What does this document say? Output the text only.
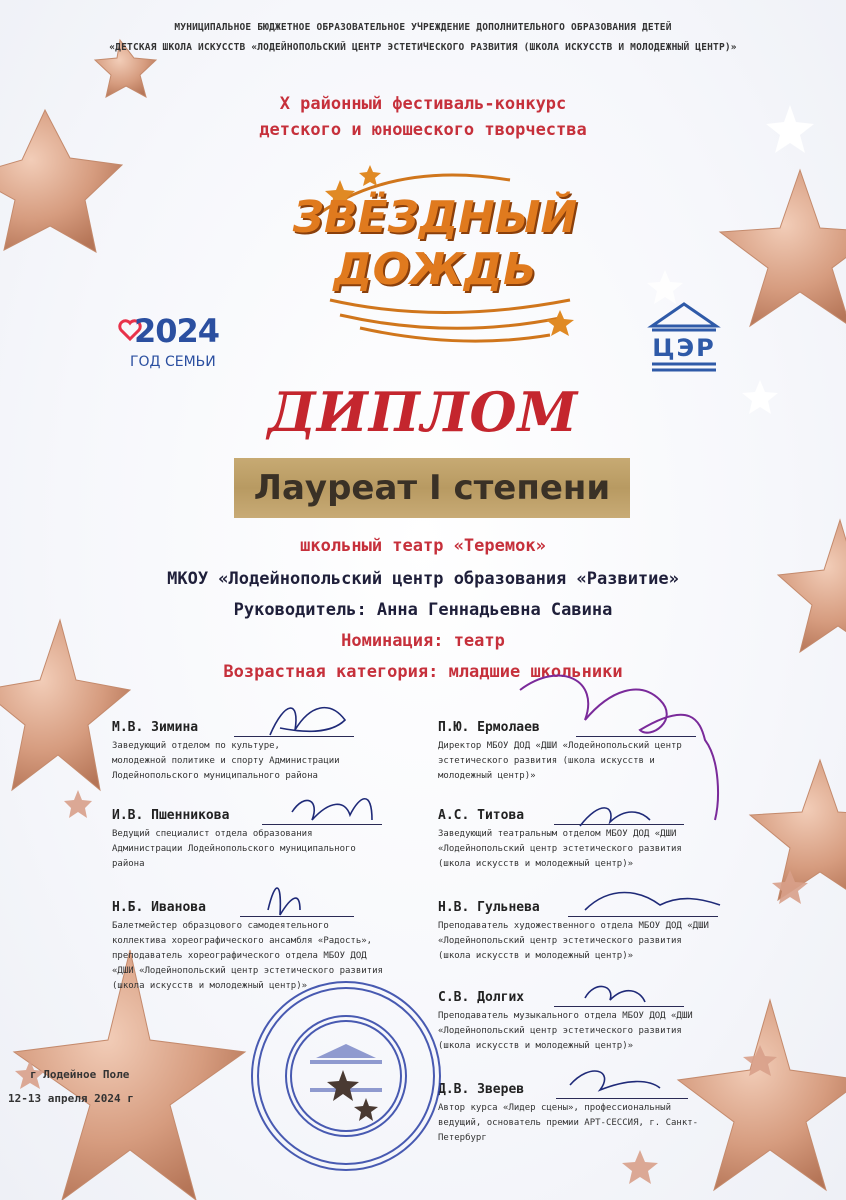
МУНИЦИПАЛЬНОЕ БЮДЖЕТНОЕ ОБРАЗОВАТЕЛЬНОЕ УЧРЕЖДЕНИЕ ДОПОЛНИТЕЛЬНОГО ОБРАЗОВАНИЯ ДЕТЕЙ
«ДЕТСКАЯ ШКОЛА ИСКУССТВ «ЛОДЕЙНОПОЛЬСКИЙ ЦЕНТР ЭСТЕТИЧЕСКОГО РАЗВИТИЯ (ШКОЛА ИСКУССТВ И МОЛОДЕЖНЫЙ ЦЕНТР)»
X районный фестиваль-конкурс
детского и юношеского творчества
ЗВЁЗДНЫЙ
ДОЖДЬ
2024
ГОД СЕМЬИ	ЦЭР
ДИПЛОМ
Лауреат I степени
школьный театр «Теремок»
МКОУ «Лодейнопольский центр образования «Развитие»
Руководитель: Анна Геннадьевна Савина
Номинация: театр
Возрастная категория: младшие школьники
М.В. Зимина
Заведующий отделом по культуре,
молодежной политике и спорту Администрации
Лодейнопольского муниципального района
И.В. Пшенникова
Ведущий специалист отдела образования
Администрации Лодейнопольского муниципального
района
Н.Б. Иванова
Балетмейстер образцового самодеятельного
коллектива хореографического ансамбля «Радость»,
преподаватель хореографического отдела МБОУ ДОД
«ДШИ «Лодейнопольский центр эстетического развития
(школа искусств и молодежный центр)»
П.Ю. Ермолаев
Директор МБОУ ДОД «ДШИ «Лодейнопольский центр
эстетического развития (школа искусств и
молодежный центр)»
А.С. Титова
Заведующий театральным отделом МБОУ ДОД «ДШИ
«Лодейнопольский центр эстетического развития
(школа искусств и молодежный центр)»
Н.В. Гульнева
Преподаватель художественного отдела МБОУ ДОД «ДШИ
«Лодейнопольский центр эстетического развития
(школа искусств и молодежный центр)»
С.В. Долгих
Преподаватель музыкального отдела МБОУ ДОД «ДШИ
«Лодейнопольский центр эстетического развития
(школа искусств и молодежный центр)»
Д.В. Зверев
Автор курса «Лидер сцены», профессиональный
ведущий, основатель премии АРТ-СЕССИЯ, г. Санкт-
Петербург
г Лодейное Поле
12-13 апреля 2024 г
